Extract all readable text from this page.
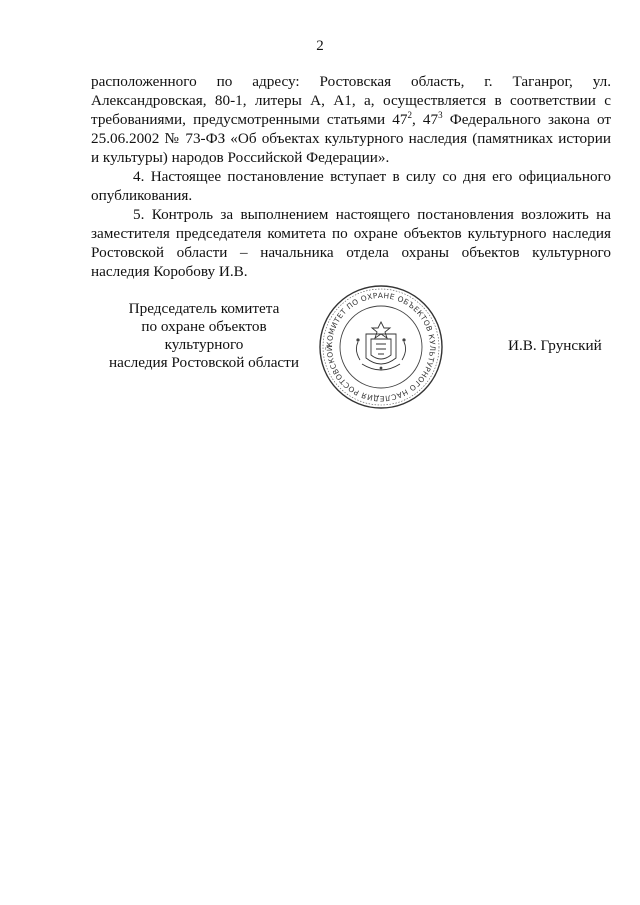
2

расположенного по адресу: Ростовская область, г. Таганрог, ул. Александровская, 80-1, литеры А, А1, а, осуществляется в соответствии с требованиями, предусмотренными статьями $47^2$, $47^3$ Федерального закона от 25.06.2002 № 73-ФЗ «Об объектах культурного наследия (памятниках истории и культуры) народов Российской Федерации».

4. Настоящее постановление вступает в силу со дня его официального опубликования.

5. Контроль за выполнением настоящего постановления возложить на заместителя председателя комитета по охране объектов культурного наследия Ростовской области – начальника отдела охраны объектов культурного наследия Коробову И.В.

Председатель комитета
по охране объектов культурного
наследия Ростовской области
КОМИТЕТ ПО ОХРАНЕ ОБЪЕКТОВ КУЛЬТУРНОГО НАСЛЕДИЯ РОСТОВСКОЙ	И.В. Грунский
